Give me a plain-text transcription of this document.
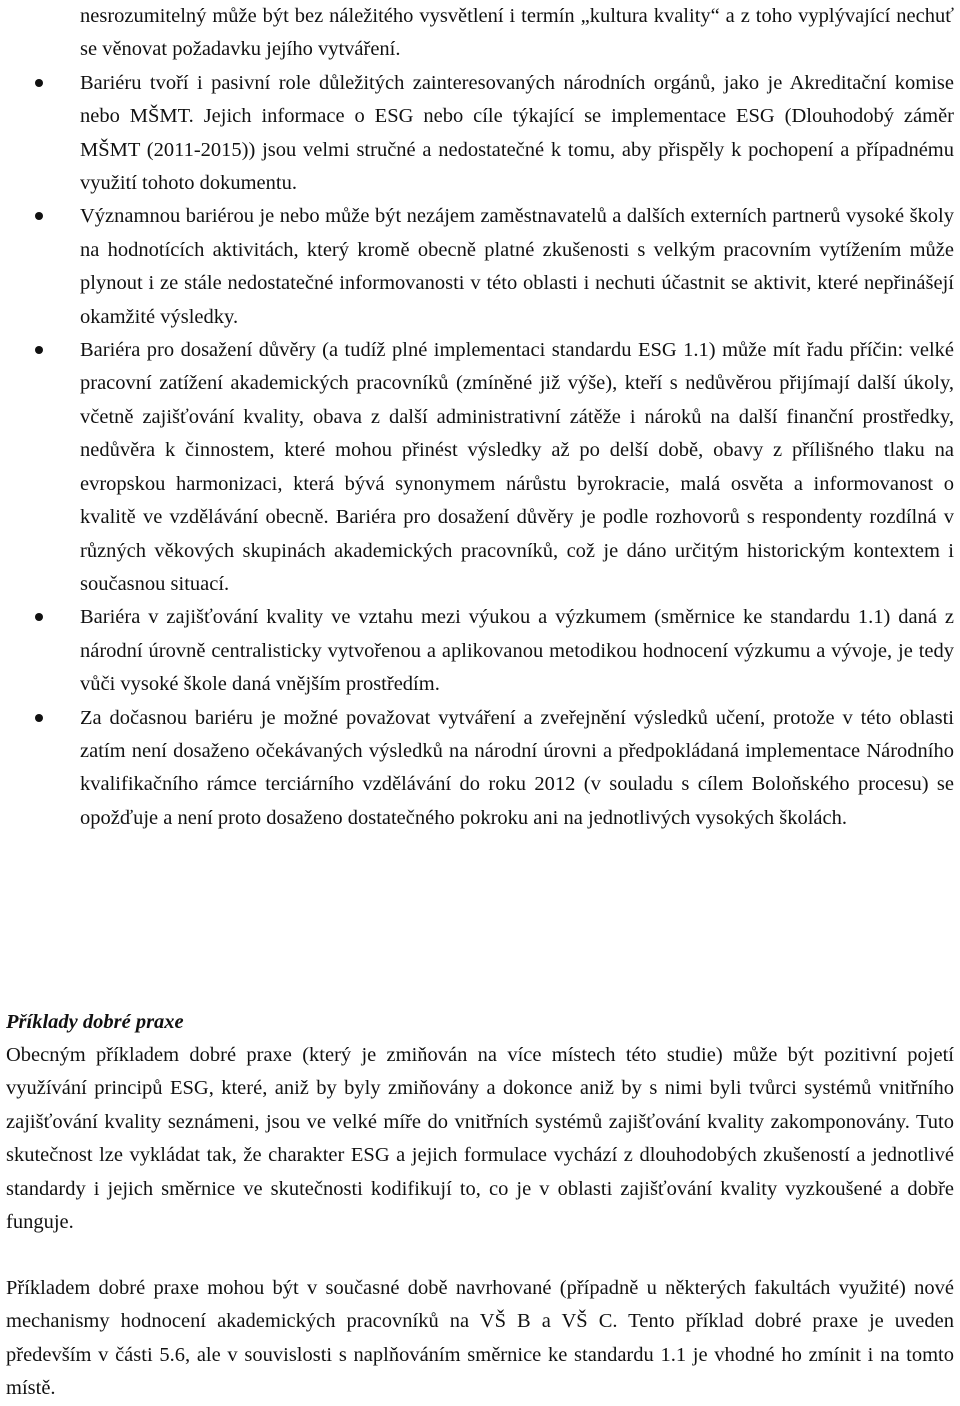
nesrozumitelný může být bez náležitého vysvětlení i termín „kultura kvality“ a z toho vyplývající nechuť se věnovat požadavku jejího vytváření.
Bariéru tvoří i pasivní role důležitých zainteresovaných národních orgánů, jako je Akreditační komise nebo MŠMT. Jejich informace o ESG nebo cíle týkající se implementace ESG (Dlouhodobý záměr MŠMT (2011-2015)) jsou velmi stručné a nedostatečné k tomu, aby přispěly k pochopení a případnému využití tohoto dokumentu.
Významnou bariérou je nebo může být nezájem zaměstnavatelů a dalších externích partnerů vysoké školy na hodnotících aktivitách, který kromě obecně platné zkušenosti s velkým pracovním vytížením může plynout i ze stále nedostatečné informovanosti v této oblasti i nechuti účastnit se aktivit, které nepřinášejí okamžité výsledky.
Bariéra pro dosažení důvěry (a tudíž plné implementaci standardu ESG 1.1) může mít řadu příčin: velké pracovní zatížení akademických pracovníků (zmíněné již výše), kteří s nedůvěrou přijímají další úkoly, včetně zajišťování kvality, obava z další administrativní zátěže i nároků na další finanční prostředky, nedůvěra k činnostem, které mohou přinést výsledky až po delší době, obavy z přílišného tlaku na evropskou harmonizaci, která bývá synonymem nárůstu byrokracie, malá osvěta a informovanost o kvalitě ve vzdělávání obecně. Bariéra pro dosažení důvěry je podle rozhovorů s respondenty rozdílná v různých věkových skupinách akademických pracovníků, což je dáno určitým historickým kontextem i současnou situací.
Bariéra v zajišťování kvality ve vztahu mezi výukou a výzkumem (směrnice ke standardu 1.1) daná z národní úrovně centralisticky vytvořenou a aplikovanou metodikou hodnocení výzkumu a vývoje, je tedy vůči vysoké škole daná vnějším prostředím.
Za dočasnou bariéru je možné považovat vytváření a zveřejnění výsledků učení, protože v této oblasti zatím není dosaženo očekávaných výsledků na národní úrovni a předpokládaná implementace Národního kvalifikačního rámce terciárního vzdělávání do roku 2012 (v souladu s cílem Boloňského procesu) se opožďuje a není proto dosaženo dostatečného pokroku ani na jednotlivých vysokých školách.
Příklady dobré praxe

Obecným příkladem dobré praxe (který je zmiňován na více místech této studie) může být pozitivní pojetí využívání principů ESG, které, aniž by byly zmiňovány a dokonce aniž by s nimi byli tvůrci systémů vnitřního zajišťování kvality seznámeni, jsou ve velké míře do vnitřních systémů zajišťování kvality zakomponovány. Tuto skutečnost lze vykládat tak, že charakter ESG a jejich formulace vychází z dlouhodobých zkušeností a jednotlivé standardy i jejich směrnice ve skutečnosti kodifikují to, co je v oblasti zajišťování kvality vyzkoušené a dobře funguje.

Příkladem dobré praxe mohou být v současné době navrhované (případně u některých fakultách využité) nové mechanismy hodnocení akademických pracovníků na VŠ B a VŠ C. Tento příklad dobré praxe je uveden především v části 5.6, ale v souvislosti s naplňováním směrnice ke standardu 1.1 je vhodné ho zmínit i na tomto místě.
